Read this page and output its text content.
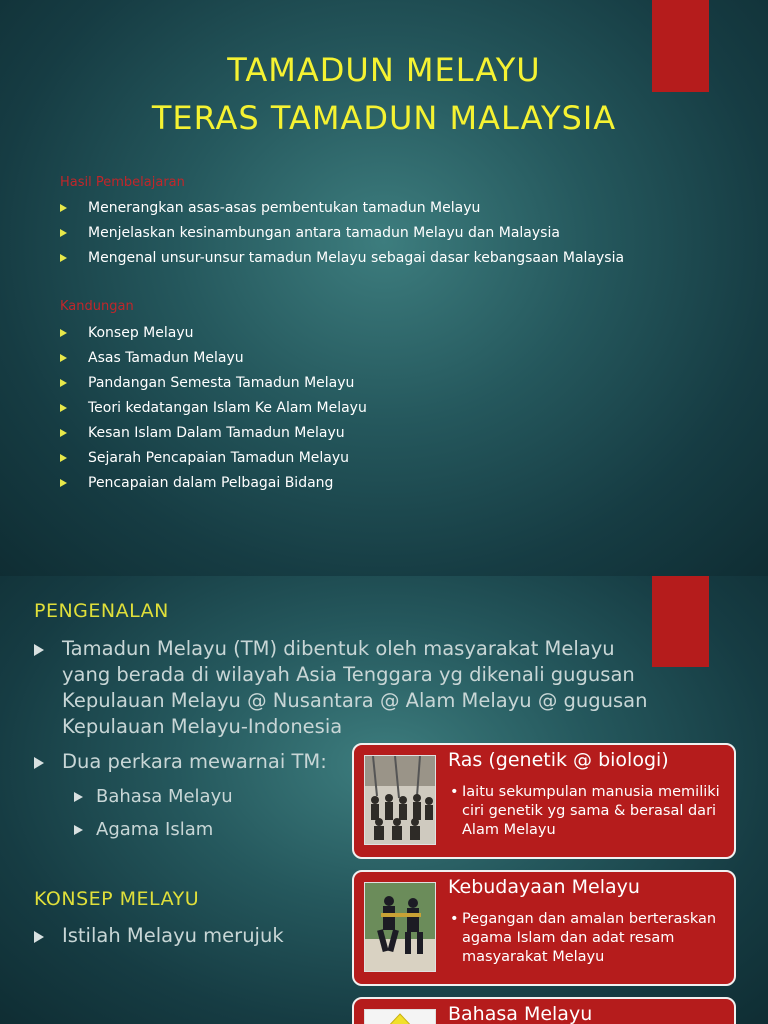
TAMADUN MELAYU
TERAS TAMADUN MALAYSIA
Hasil Pembelajaran
Menerangkan asas-asas pembentukan tamadun Melayu
Menjelaskan kesinambungan antara tamadun Melayu dan Malaysia
Mengenal unsur-unsur tamadun Melayu sebagai dasar kebangsaan Malaysia
Kandungan
Konsep Melayu
Asas Tamadun Melayu
Pandangan Semesta Tamadun Melayu
Teori kedatangan Islam Ke Alam Melayu
Kesan Islam Dalam Tamadun Melayu
Sejarah Pencapaian Tamadun Melayu
Pencapaian dalam Pelbagai Bidang
PENGENALAN
Tamadun Melayu (TM) dibentuk oleh masyarakat Melayu
yang berada di wilayah Asia Tenggara yg dikenali gugusan
Kepulauan Melayu @ Nusantara @ Alam Melayu @ gugusan
Kepulauan Melayu-Indonesia
Dua perkara mewarnai TM:
Bahasa Melayu
Agama Islam
KONSEP MELAYU
Istilah Melayu merujuk
Ras (genetik @ biologi)
• Iaitu sekumpulan manusia memiliki ciri genetik yg sama & berasal dari Alam Melayu
Kebudayaan Melayu
• Pegangan dan amalan berteraskan agama Islam dan adat resam masyarakat Melayu
Bahasa Melayu
